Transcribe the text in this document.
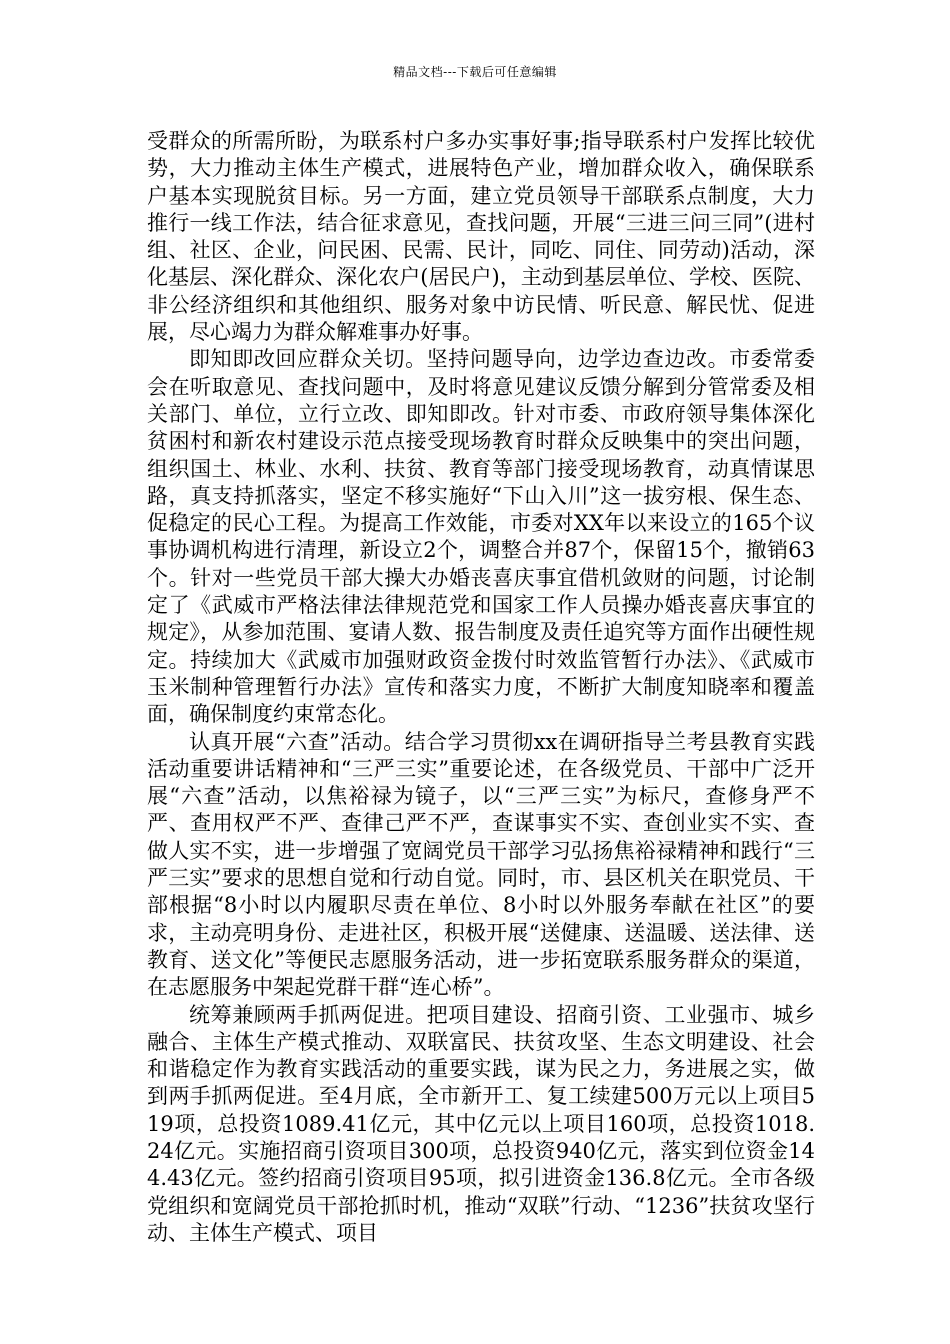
精品文档---下载后可任意编辑

受群众的所需所盼，为联系村户多办实事好事;指导联系村户发挥比较优势，大力推动主体生产模式，进展特色产业，增加群众收入，确保联系户基本实现脱贫目标。另一方面，建立党员领导干部联系点制度，大力推行一线工作法，结合征求意见，查找问题，开展“三进三问三同”(进村组、社区、企业，问民困、民需、民计，同吃、同住、同劳动)活动，深化基层、深化群众、深化农户(居民户)，主动到基层单位、学校、医院、非公经济组织和其他组织、服务对象中访民情、听民意、解民忧、促进展，尽心竭力为群众解难事办好事。

即知即改回应群众关切。坚持问题导向，边学边查边改。市委常委会在听取意见、查找问题中，及时将意见建议反馈分解到分管常委及相关部门、单位，立行立改、即知即改。针对市委、市政府领导集体深化贫困村和新农村建设示范点接受现场教育时群众反映集中的突出问题，组织国土、林业、水利、扶贫、教育等部门接受现场教育，动真情谋思路，真支持抓落实，坚定不移实施好“下山入川”这一拔穷根、保生态、促稳定的民心工程。为提高工作效能，市委对XX年以来设立的165个议事协调机构进行清理，新设立2个，调整合并87个，保留15个，撤销63个。针对一些党员干部大操大办婚丧喜庆事宜借机敛财的问题，讨论制定了《武威市严格法律法律规范党和国家工作人员操办婚丧喜庆事宜的规定》，从参加范围、宴请人数、报告制度及责任追究等方面作出硬性规定。持续加大《武威市加强财政资金拨付时效监管暂行办法》、《武威市玉米制种管理暂行办法》宣传和落实力度，不断扩大制度知晓率和覆盖面，确保制度约束常态化。

认真开展“六查”活动。结合学习贯彻xx在调研指导兰考县教育实践活动重要讲话精神和“三严三实”重要论述，在各级党员、干部中广泛开展“六查”活动，以焦裕禄为镜子，以“三严三实”为标尺，查修身严不严、查用权严不严、查律己严不严，查谋事实不实、查创业实不实、查做人实不实，进一步增强了宽阔党员干部学习弘扬焦裕禄精神和践行“三严三实”要求的思想自觉和行动自觉。同时，市、县区机关在职党员、干部根据“8小时以内履职尽责在单位、8小时以外服务奉献在社区”的要求，主动亮明身份、走进社区，积极开展“送健康、送温暖、送法律、送教育、送文化”等便民志愿服务活动，进一步拓宽联系服务群众的渠道，在志愿服务中架起党群干群“连心桥”。

统筹兼顾两手抓两促进。把项目建设、招商引资、工业强市、城乡融合、主体生产模式推动、双联富民、扶贫攻坚、生态文明建设、社会和谐稳定作为教育实践活动的重要实践，谋为民之力，务进展之实，做到两手抓两促进。至4月底，全市新开工、复工续建500万元以上项目519项，总投资1089.41亿元，其中亿元以上项目160项，总投资1018.24亿元。实施招商引资项目300项，总投资940亿元，落实到位资金144.43亿元。签约招商引资项目95项，拟引进资金136.8亿元。全市各级党组织和宽阔党员干部抢抓时机，推动“双联”行动、“1236”扶贫攻坚行动、主体生产模式、项目
